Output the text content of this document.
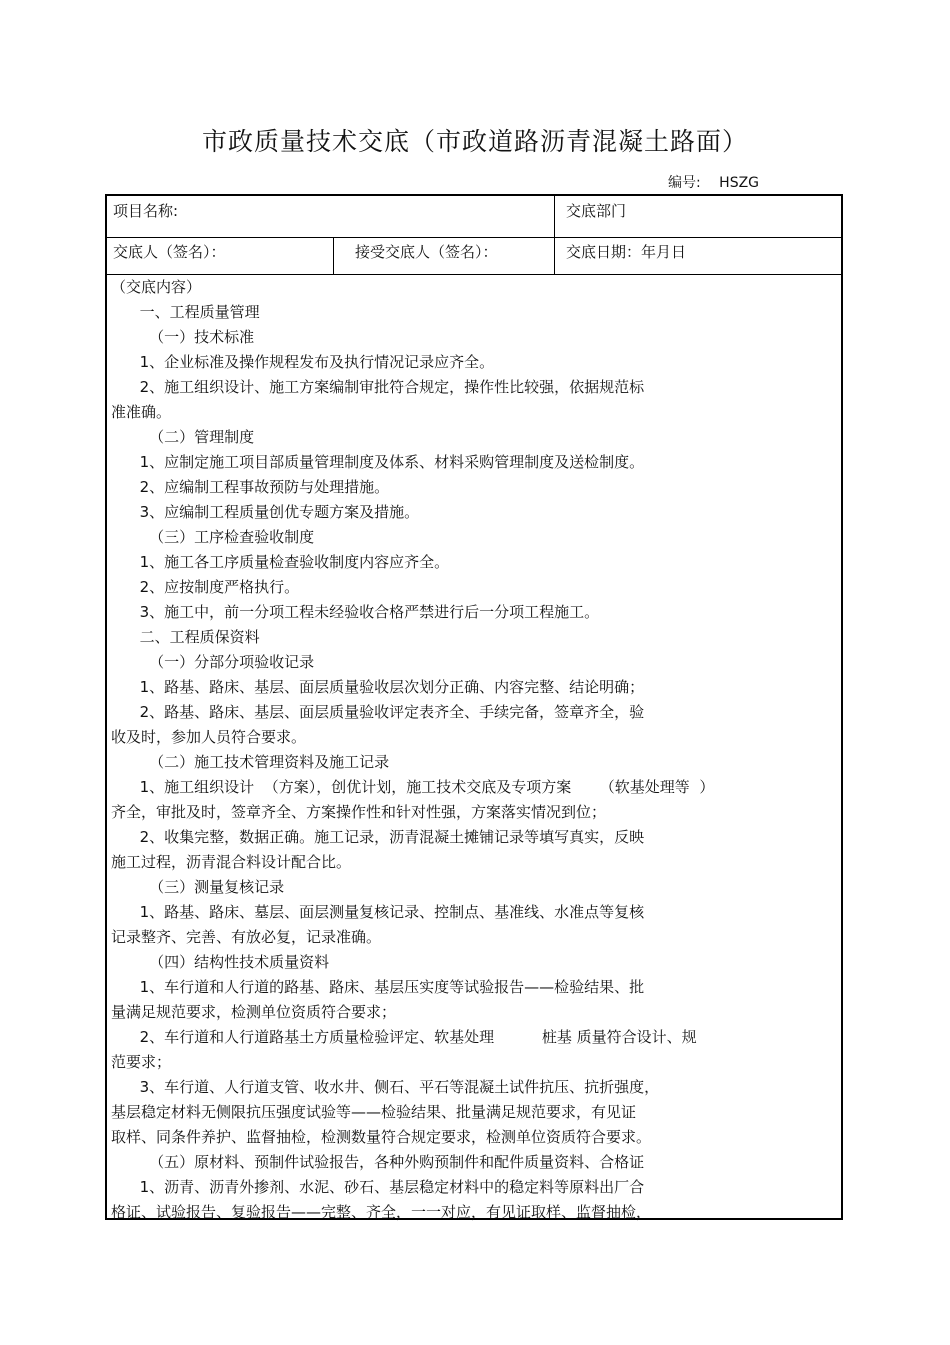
市政质量技术交底（市政道路沥青混凝土路面）
编号: HSZG
项目名称:	交底部门
交底人（签名）：	接受交底人（签名）：	交底日期：年月日
（交底内容）
一、工程质量管理
（一）技术标准
1、企业标准及操作规程发布及执行情况记录应齐全。
2、施工组织设计、施工方案编制审批符合规定，操作性比较强，依据规范标
准准确。
（二）管理制度
1、应制定施工项目部质量管理制度及体系、材料采购管理制度及送检制度。
2、应编制工程事故预防与处理措施。
3、应编制工程质量创优专题方案及措施。
（三）工序检查验收制度
1、施工各工序质量检查验收制度内容应齐全。
2、应按制度严格执行。
3、施工中，前一分项工程未经验收合格严禁进行后一分项工程施工。
二、工程质保资料
（一）分部分项验收记录
1、路基、路床、基层、面层质量验收层次划分正确、内容完整、结论明确；
2、路基、路床、基层、面层质量验收评定表齐全、手续完备，签章齐全，验
收及时，参加人员符合要求。
（二）施工技术管理资料及施工记录
1、施工组织设计  （方案），创优计划，施工技术交底及专项方案      （软基处理等  ）
齐全，审批及时，签章齐全、方案操作性和针对性强，方案落实情况到位；
2、收集完整，数据正确。施工记录，沥青混凝土摊铺记录等填写真实，反映
施工过程，沥青混合料设计配合比。
（三）测量复核记录
1、路基、路床、墓层、面层测量复核记录、控制点、基准线、水准点等复核
记录整齐、完善、有放必复，记录准确。
（四）结构性技术质量资料
1、车行道和人行道的路基、路床、基层压实度等试验报告——检验结果、批
量满足规范要求，检测单位资质符合要求；
2、车行道和人行道路基土方质量检验评定、软基处理          桩基 质量符合设计、规
范要求；
3、车行道、人行道支管、收水井、侧石、平石等混凝土试件抗压、抗折强度，
基层稳定材料无侧限抗压强度试验等——检验结果、批量满足规范要求，有见证
取样、同条件养护、监督抽检，检测数量符合规定要求，检测单位资质符合要求。
（五）原材料、预制件试验报告，各种外购预制件和配件质量资料、合格证
1、沥青、沥青外掺剂、水泥、砂石、基层稳定材料中的稳定料等原料出厂合
格证、试验报告、复验报告——完整、齐全，一一对应，有见证取样、监督抽检，
